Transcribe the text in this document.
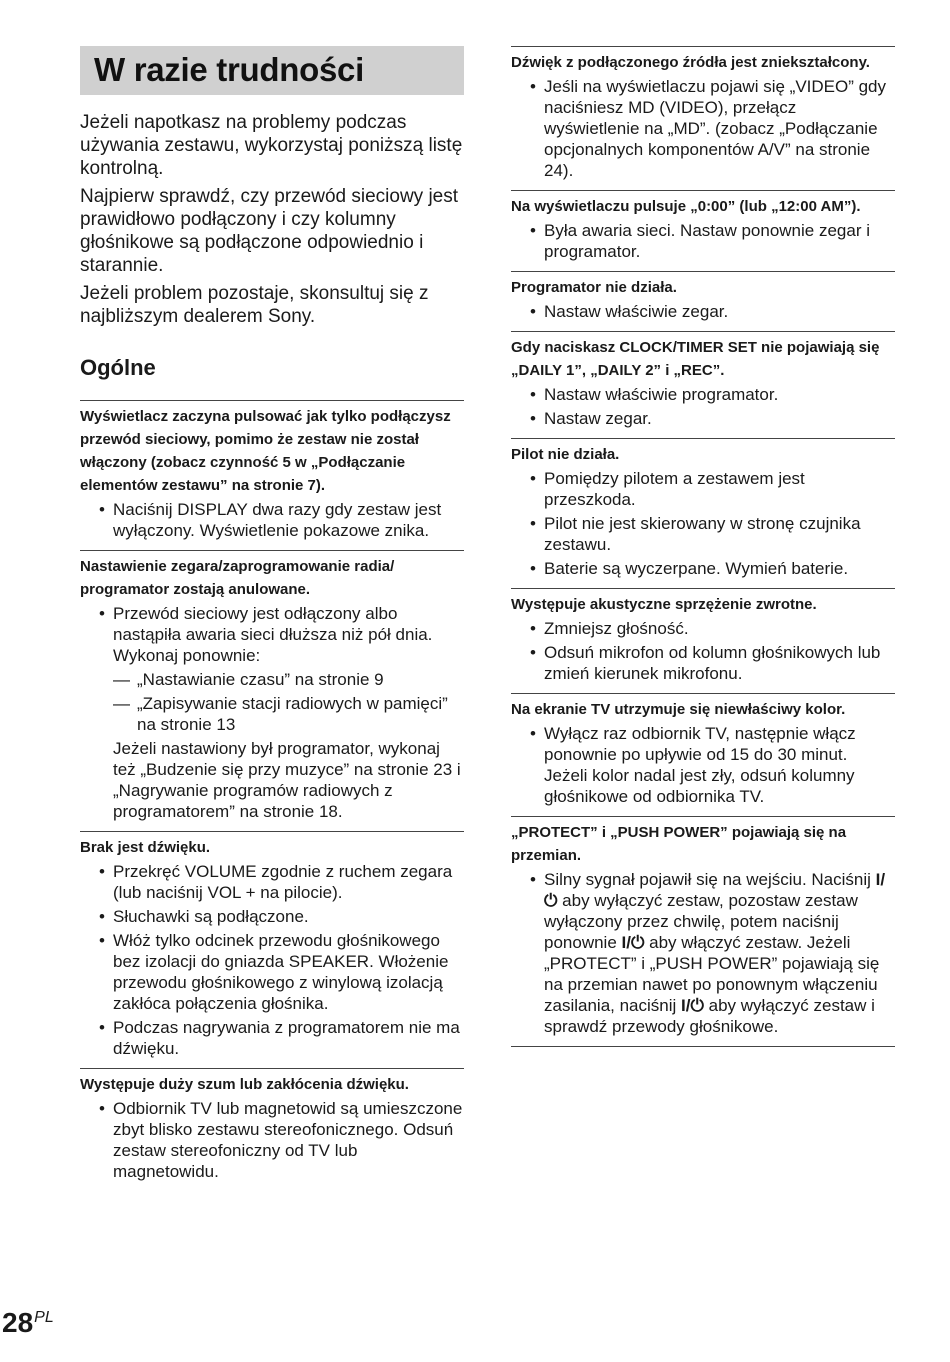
W razie trudności

Jeżeli napotkasz na problemy podczas używania zestawu, wykorzystaj poniższą listę kontrolną.

Najpierw sprawdź, czy przewód sieciowy jest prawidłowo podłączony i czy kolumny głośnikowe są podłączone odpowiednio i starannie.

Jeżeli problem pozostaje, skonsultuj się z najbliższym dealerem Sony.

Ogólne

Wyświetlacz zaczyna pulsować jak tylko podłączysz przewód sieciowy, pomimo że zestaw nie został włączony (zobacz czynność 5 w „Podłączanie elementów zestawu” na stronie 7).

• Naciśnij DISPLAY dwa razy gdy zestaw jest wyłączony. Wyświetlenie pokazowe znika.

Nastawienie zegara/zaprogramowanie radia/ programator zostają anulowane.

• Przewód sieciowy jest odłączony albo nastąpiła awaria sieci dłuższa niż pół dnia. Wykonaj ponownie:
— „Nastawianie czasu” na stronie 9
— „Zapisywanie stacji radiowych w pamięci” na stronie 13
Jeżeli nastawiony był programator, wykonaj też „Budzenie się przy muzyce” na stronie 23 i „Nagrywanie programów radiowych z programatorem” na stronie 18.

Brak jest dźwięku.

• Przekręć VOLUME zgodnie z ruchem zegara (lub naciśnij VOL + na pilocie).
• Słuchawki są podłączone.
• Włóż tylko odcinek przewodu głośnikowego bez izolacji do gniazda SPEAKER. Włożenie przewodu głośnikowego z winylową izolacją zakłóca połączenia głośnika.
• Podczas nagrywania z programatorem nie ma dźwięku.

Występuje duży szum lub zakłócenia dźwięku.

• Odbiornik TV lub magnetowid są umieszczone zbyt blisko zestawu stereofonicznego. Odsuń zestaw stereofoniczny od TV lub magnetowidu.

Dźwięk z podłączonego źródła jest zniekształcony.

• Jeśli na wyświetlaczu pojawi się „VIDEO” gdy naciśniesz MD (VIDEO), przełącz wyświetlenie na „MD”. (zobacz „Podłączanie opcjonalnych komponentów A/V” na stronie 24).

Na wyświetlaczu pulsuje „0:00” (lub „12:00 AM”).

• Była awaria sieci. Nastaw ponownie zegar i programator.

Programator nie działa.

• Nastaw właściwie zegar.

Gdy naciskasz CLOCK/TIMER SET nie pojawiają się „DAILY 1”, „DAILY 2” i „REC”.

• Nastaw właściwie programator.
• Nastaw zegar.

Pilot nie działa.

• Pomiędzy pilotem a zestawem jest przeszkoda.
• Pilot nie jest skierowany w stronę czujnika zestawu.
• Baterie są wyczerpane. Wymień baterie.

Występuje akustyczne sprzężenie zwrotne.

• Zmniejsz głośność.
• Odsuń mikrofon od kolumn głośnikowych lub zmień kierunek mikrofonu.

Na ekranie TV utrzymuje się niewłaściwy kolor.

• Wyłącz raz odbiornik TV, następnie włącz ponownie po upływie od 15 do 30 minut. Jeżeli kolor nadal jest zły, odsuń kolumny głośnikowe od odbiornika TV.

„PROTECT” i „PUSH POWER” pojawiają się na przemian.

• Silny sygnał pojawił się na wejściu. Naciśnij I/⏻ aby wyłączyć zestaw, pozostaw zestaw wyłączony przez chwilę, potem naciśnij ponownie I/⏻ aby włączyć zestaw. Jeżeli „PROTECT” i „PUSH POWER” pojawiają się na przemian nawet po ponownym włączeniu zasilania, naciśnij I/⏻ aby wyłączyć zestaw i sprawdź przewody głośnikowe.
$28^{PL}$
